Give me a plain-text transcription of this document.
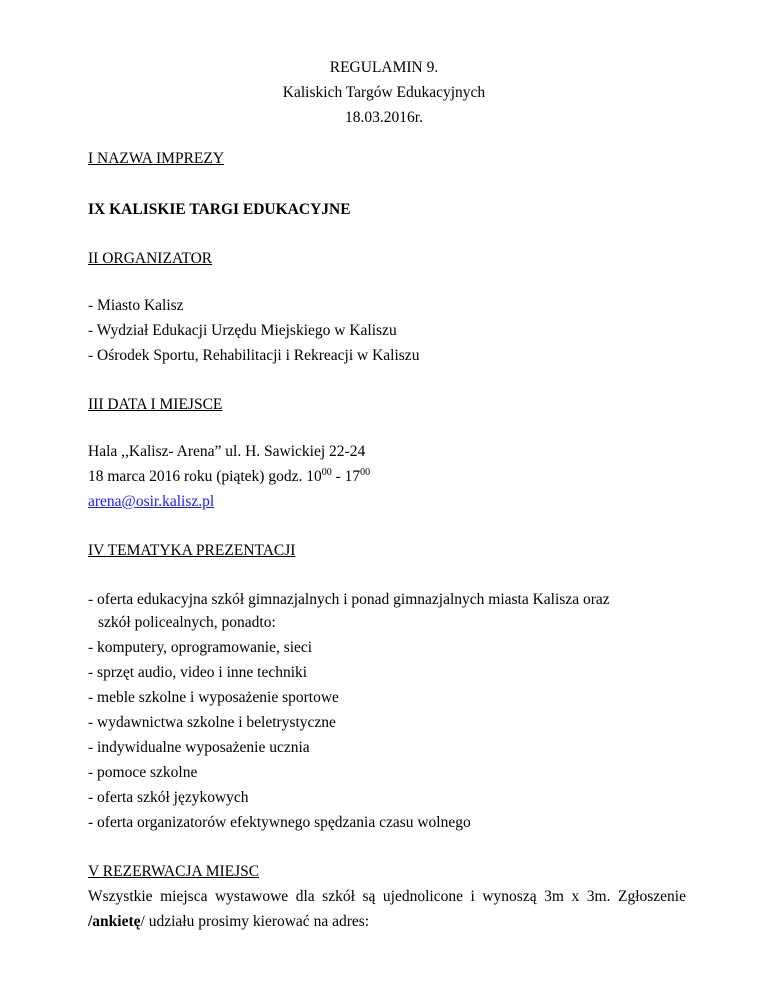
REGULAMIN 9.
Kaliskich Targów Edukacyjnych
18.03.2016r.
I NAZWA IMPREZY
IX KALISKIE TARGI EDUKACYJNE
II ORGANIZATOR
- Miasto Kalisz
- Wydział Edukacji Urzędu Miejskiego w Kaliszu
- Ośrodek Sportu, Rehabilitacji i Rekreacji w Kaliszu
III DATA I MIEJSCE
Hala ,,Kalisz- Arena” ul. H. Sawickiej 22-24
18 marca 2016 roku (piątek) godz. $10^{00} - 17^{00}$
arena@osir.kalisz.pl
IV TEMATYKA PREZENTACJI
- oferta edukacyjna szkół gimnazjalnych i ponad gimnazjalnych miasta Kalisza oraz
szkół policealnych, ponadto:
- komputery, oprogramowanie, sieci
- sprzęt audio, video i inne techniki
- meble szkolne i wyposażenie sportowe
- wydawnictwa szkolne i beletrystyczne
- indywidualne wyposażenie ucznia
- pomoce szkolne
- oferta szkół językowych
- oferta organizatorów efektywnego spędzania czasu wolnego
V REZERWACJA MIEJSC
Wszystkie miejsca wystawowe dla szkół są ujednolicone i wynoszą 3m x 3m. Zgłoszenie
/ankietę/ udziału prosimy kierować na adres:
